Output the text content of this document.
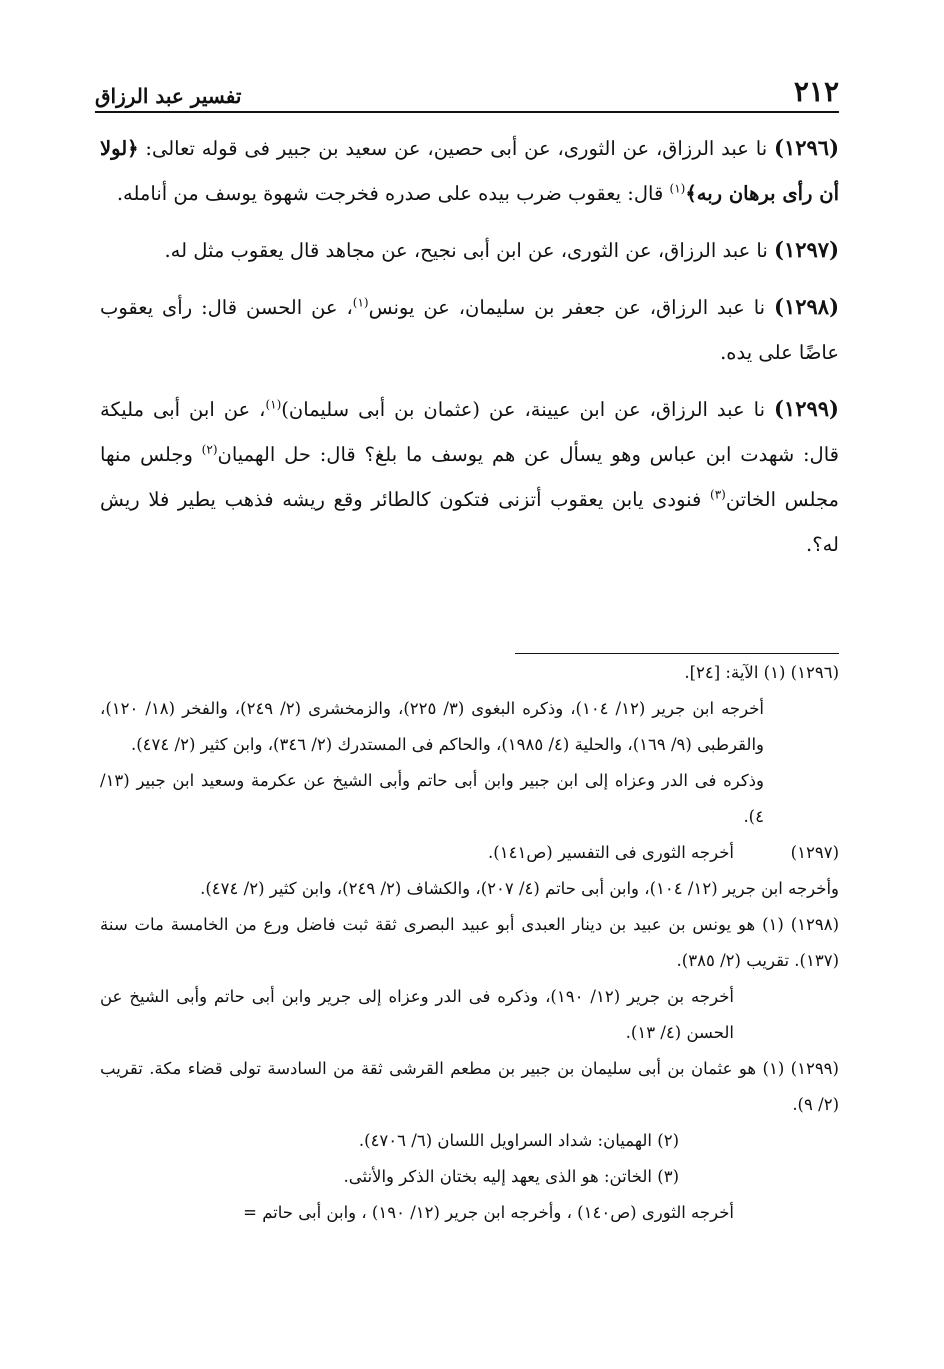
٢١٢
تفسير عبد الرزاق

(١٢٩٦) نا عبد الرزاق، عن الثورى، عن أبى حصين، عن سعيد بن جبير فى قوله تعالى: ﴿لولا أن رأى برهان ربه﴾$^{(١)}$ قال: يعقوب ضرب بيده على صدره فخرجت شهوة يوسف من أنامله.

(١٢٩٧) نا عبد الرزاق، عن الثورى، عن ابن أبى نجيح، عن مجاهد قال يعقوب مثل له.

(١٢٩٨) نا عبد الرزاق، عن جعفر بن سليمان، عن يونس$^{(١)}$، عن الحسن قال: رأى يعقوب عاضًا على يده.

(١٢٩٩) نا عبد الرزاق، عن ابن عيينة، عن (عثمان بن أبى سليمان)$^{(١)}$، عن ابن أبى مليكة قال: شهدت ابن عباس وهو يسأل عن هم يوسف ما بلغ؟ قال: حل الهميان$^{(٢)}$ وجلس منها مجلس الخاتن$^{(٣)}$ فنودى يابن يعقوب أتزنى فتكون كالطائر وقع ريشه فذهب يطير فلا ريش له؟.

(١٢٩٦) (١) الآية: [٢٤].

أخرجه ابن جرير (١٢/ ١٠٤)، وذكره البغوى (٣/ ٢٢٥)، والزمخشرى (٢/ ٢٤٩)، والفخر (١٨/ ١٢٠)، والقرطبى (٩/ ١٦٩)، والحلية (٤/ ١٩٨٥)، والحاكم فى المستدرك (٢/ ٣٤٦)، وابن كثير (٢/ ٤٧٤).

وذكره فى الدر وعزاه إلى ابن جبير وابن أبى حاتم وأبى الشيخ عن عكرمة وسعيد ابن جبير (١٣/ ٤).

(١٢٩٧)

أخرجه الثورى فى التفسير (ص١٤١).

وأخرجه ابن جرير (١٢/ ١٠٤)، وابن أبى حاتم (٤/ ٢٠٧)، والكشاف (٢/ ٢٤٩)، وابن كثير (٢/ ٤٧٤).

(١٢٩٨) (١) هو يونس بن عبيد بن دينار العبدى أبو عبيد البصرى ثقة ثبت فاضل ورع من الخامسة مات سنة (١٣٧). تقريب (٢/ ٣٨٥).

أخرجه بن جرير (١٢/ ١٩٠)، وذكره فى الدر وعزاه إلى جرير وابن أبى حاتم وأبى الشيخ عن الحسن (٤/ ١٣).

(١٢٩٩) (١) هو عثمان بن أبى سليمان بن جبير بن مطعم القرشى ثقة من السادسة تولى قضاء مكة. تقريب (٢/ ٩).

(٢) الهميان: شداد السراويل اللسان (٦/ ٤٧٠٦).

(٣) الخاتن: هو الذى يعهد إليه بختان الذكر والأنثى.

أخرجه الثورى (ص١٤٠) ، وأخرجه ابن جرير (١٢/ ١٩٠) ، وابن أبى حاتم =
